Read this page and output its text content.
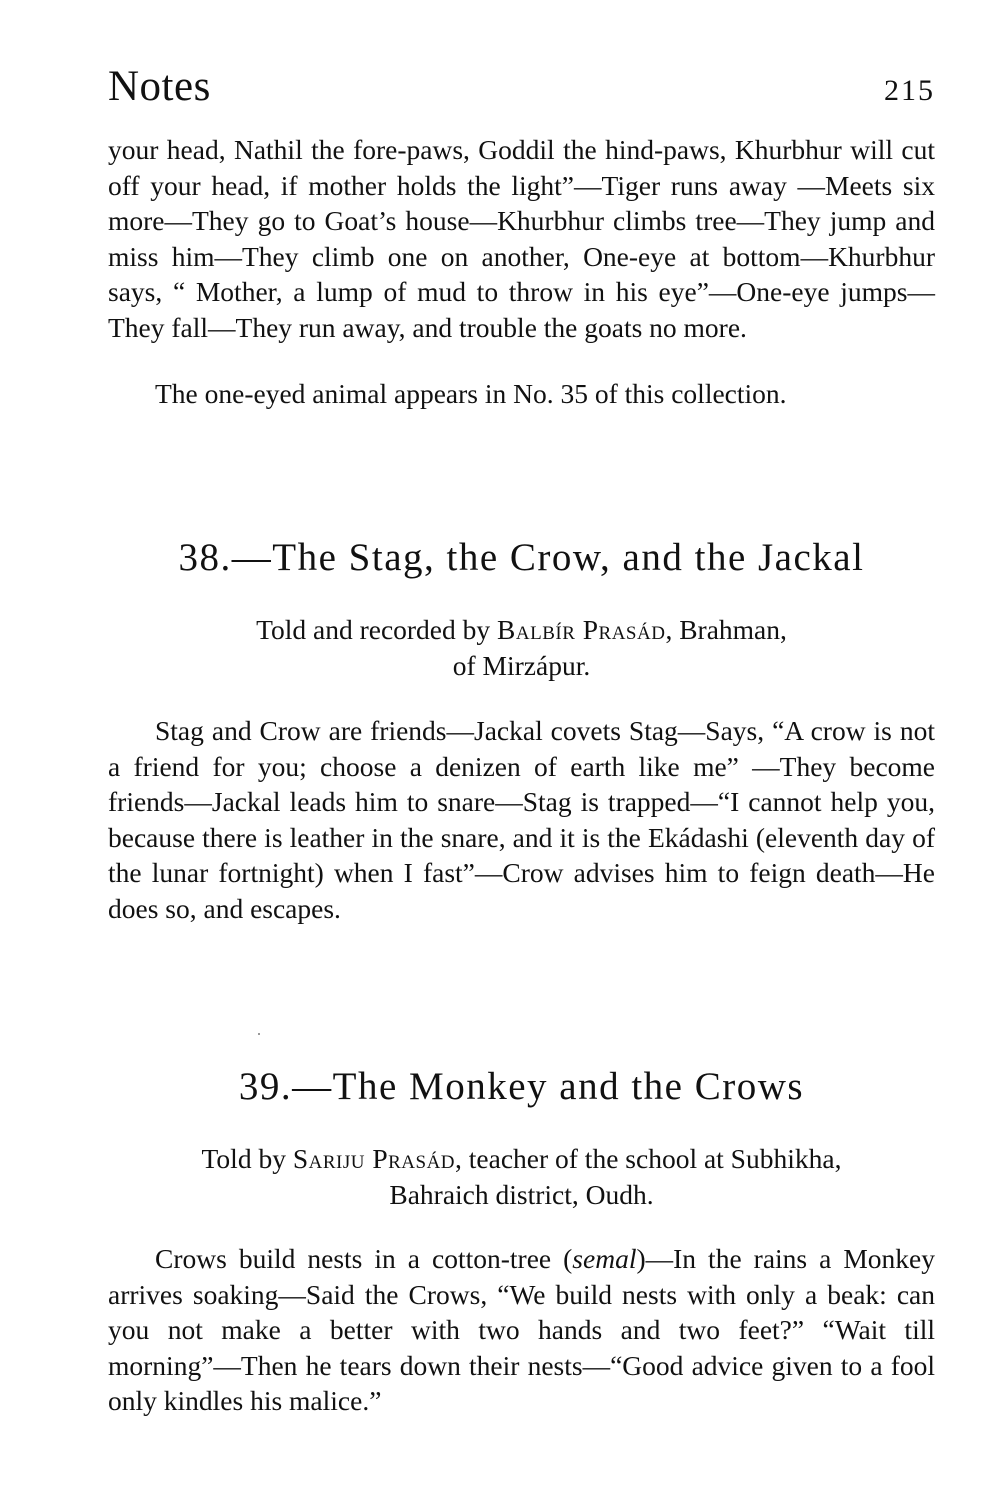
Notes	215

your head, Nathil the fore-paws, Goddil the hind-paws, Khurbhur will cut off your head, if mother holds the light”—Tiger runs away —Meets six more—They go to Goat’s house—Khurbhur climbs tree—They jump and miss him—They climb one on another, One-eye at bottom—Khurbhur says, “ Mother, a lump of mud to throw in his eye”—One-eye jumps—They fall—They run away, and trouble the goats no more.

The one-eyed animal appears in No. 35 of this collection.

38.—The Stag, the Crow, and the Jackal

Told and recorded by Balbír Prasád, Brahman,
of Mirzápur.

Stag and Crow are friends—Jackal covets Stag—Says, “A crow is not a friend for you; choose a denizen of earth like me” —They become friends—Jackal leads him to snare—Stag is trapped—“I cannot help you, because there is leather in the snare, and it is the Ekádashi (eleventh day of the lunar fortnight) when I fast”—Crow advises him to feign death—He does so, and escapes.

39.—The Monkey and the Crows

Told by Sariju Prasád, teacher of the school at Subhikha,
Bahraich district, Oudh.

Crows build nests in a cotton-tree (semal)—In the rains a Monkey arrives soaking—Said the Crows, “We build nests with only a beak: can you not make a better with two hands and two feet?” “Wait till morning”—Then he tears down their nests—“Good advice given to a fool only kindles his malice.”
